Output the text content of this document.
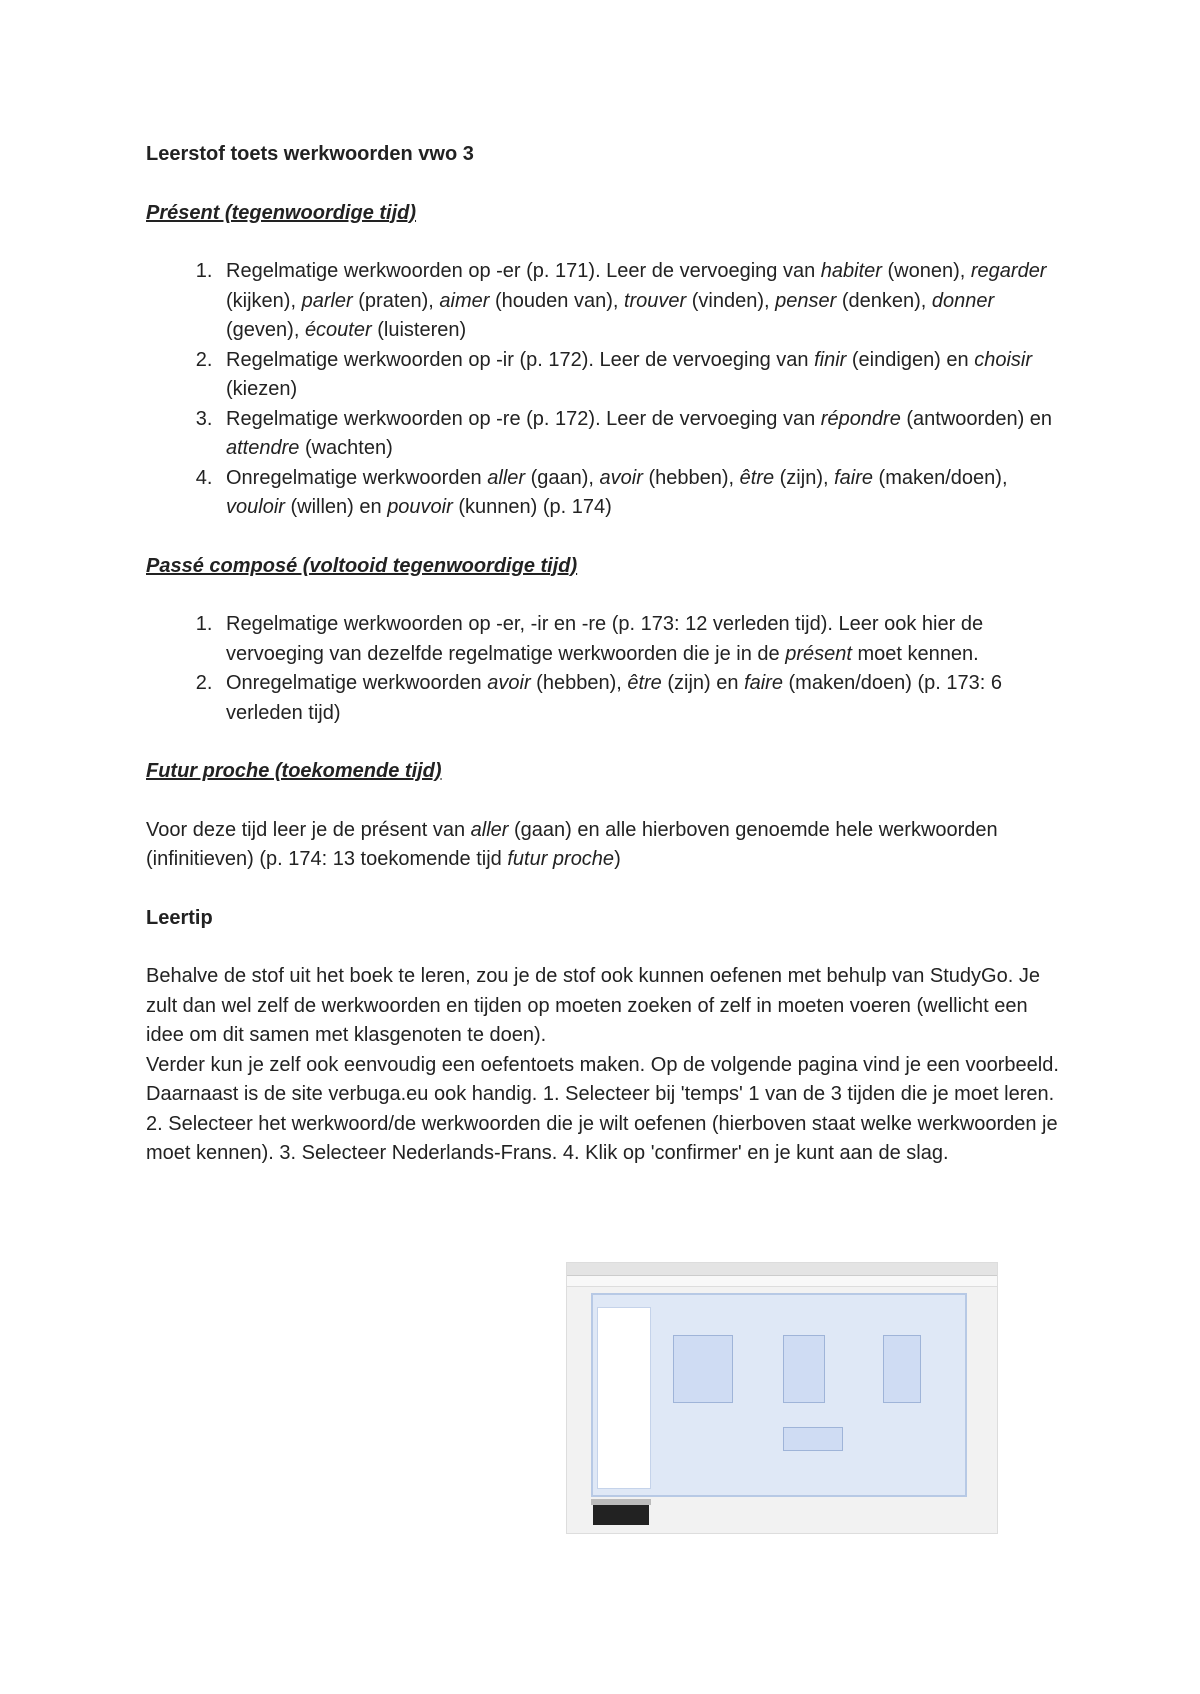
Leerstof toets werkwoorden vwo 3
Présent (tegenwoordige tijd)
1. Regelmatige werkwoorden op -er (p. 171). Leer de vervoeging van habiter (wonen), regarder (kijken), parler (praten), aimer (houden van), trouver (vinden), penser (denken), donner (geven), écouter (luisteren)
2. Regelmatige werkwoorden op -ir (p. 172). Leer de vervoeging van finir (eindigen) en choisir (kiezen)
3. Regelmatige werkwoorden op -re (p. 172). Leer de vervoeging van répondre (antwoorden) en attendre (wachten)
4. Onregelmatige werkwoorden aller (gaan), avoir (hebben), être (zijn), faire (maken/doen), vouloir (willen) en pouvoir (kunnen) (p. 174)
Passé composé (voltooid tegenwoordige tijd)
1. Regelmatige werkwoorden op -er, -ir en -re (p. 173: 12 verleden tijd). Leer ook hier de vervoeging van dezelfde regelmatige werkwoorden die je in de présent moet kennen.
2. Onregelmatige werkwoorden avoir (hebben), être (zijn) en faire (maken/doen) (p. 173: 6 verleden tijd)
Futur proche (toekomende tijd)

Voor deze tijd leer je de présent van aller (gaan) en alle hierboven genoemde hele werkwoorden (infinitieven) (p. 174: 13 toekomende tijd futur proche)

Leertip

Behalve de stof uit het boek te leren, zou je de stof ook kunnen oefenen met behulp van StudyGo. Je zult dan wel zelf de werkwoorden en tijden op moeten zoeken of zelf in moeten voeren (wellicht een idee om dit samen met klasgenoten te doen).

Verder kun je zelf ook eenvoudig een oefentoets maken. Op de volgende pagina vind je een voorbeeld.

Daarnaast is de site verbuga.eu ook handig. 1. Selecteer bij 'temps' 1 van de 3 tijden die je moet leren. 2. Selecteer het werkwoord/de werkwoorden die je wilt oefenen (hierboven staat welke werkwoorden je moet kennen). 3. Selecteer Nederlands-Frans. 4. Klik op 'confirmer' en je kunt aan de slag.
